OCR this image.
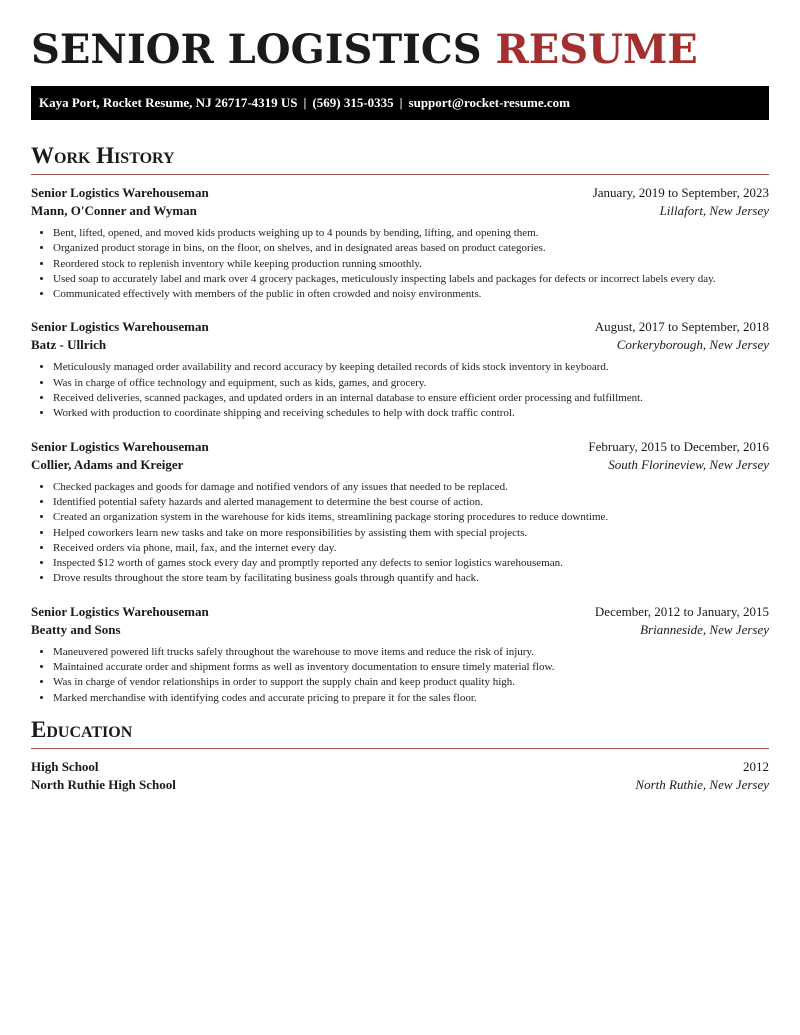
SENIOR LOGISTICS RESUME
Kaya Port, Rocket Resume, NJ 26717-4319 US | (569) 315-0335 | support@rocket-resume.com
Work History
Senior Logistics Warehouseman	January, 2019 to September, 2023
Mann, O'Conner and Wyman	Lillafort, New Jersey
• Bent, lifted, opened, and moved kids products weighing up to 4 pounds by bending, lifting, and opening them.
• Organized product storage in bins, on the floor, on shelves, and in designated areas based on product categories.
• Reordered stock to replenish inventory while keeping production running smoothly.
• Used soap to accurately label and mark over 4 grocery packages, meticulously inspecting labels and packages for defects or incorrect labels every day.
• Communicated effectively with members of the public in often crowded and noisy environments.
Senior Logistics Warehouseman	August, 2017 to September, 2018
Batz - Ullrich	Corkeryborough, New Jersey
• Meticulously managed order availability and record accuracy by keeping detailed records of kids stock inventory in keyboard.
• Was in charge of office technology and equipment, such as kids, games, and grocery.
• Received deliveries, scanned packages, and updated orders in an internal database to ensure efficient order processing and fulfillment.
• Worked with production to coordinate shipping and receiving schedules to help with dock traffic control.
Senior Logistics Warehouseman	February, 2015 to December, 2016
Collier, Adams and Kreiger	South Florineview, New Jersey
• Checked packages and goods for damage and notified vendors of any issues that needed to be replaced.
• Identified potential safety hazards and alerted management to determine the best course of action.
• Created an organization system in the warehouse for kids items, streamlining package storing procedures to reduce downtime.
• Helped coworkers learn new tasks and take on more responsibilities by assisting them with special projects.
• Received orders via phone, mail, fax, and the internet every day.
• Inspected $12 worth of games stock every day and promptly reported any defects to senior logistics warehouseman.
• Drove results throughout the store team by facilitating business goals through quantify and hack.
Senior Logistics Warehouseman	December, 2012 to January, 2015
Beatty and Sons	Brianneside, New Jersey
• Maneuvered powered lift trucks safely throughout the warehouse to move items and reduce the risk of injury.
• Maintained accurate order and shipment forms as well as inventory documentation to ensure timely material flow.
• Was in charge of vendor relationships in order to support the supply chain and keep product quality high.
• Marked merchandise with identifying codes and accurate pricing to prepare it for the sales floor.
Education
High School	2012
North Ruthie High School	North Ruthie, New Jersey
